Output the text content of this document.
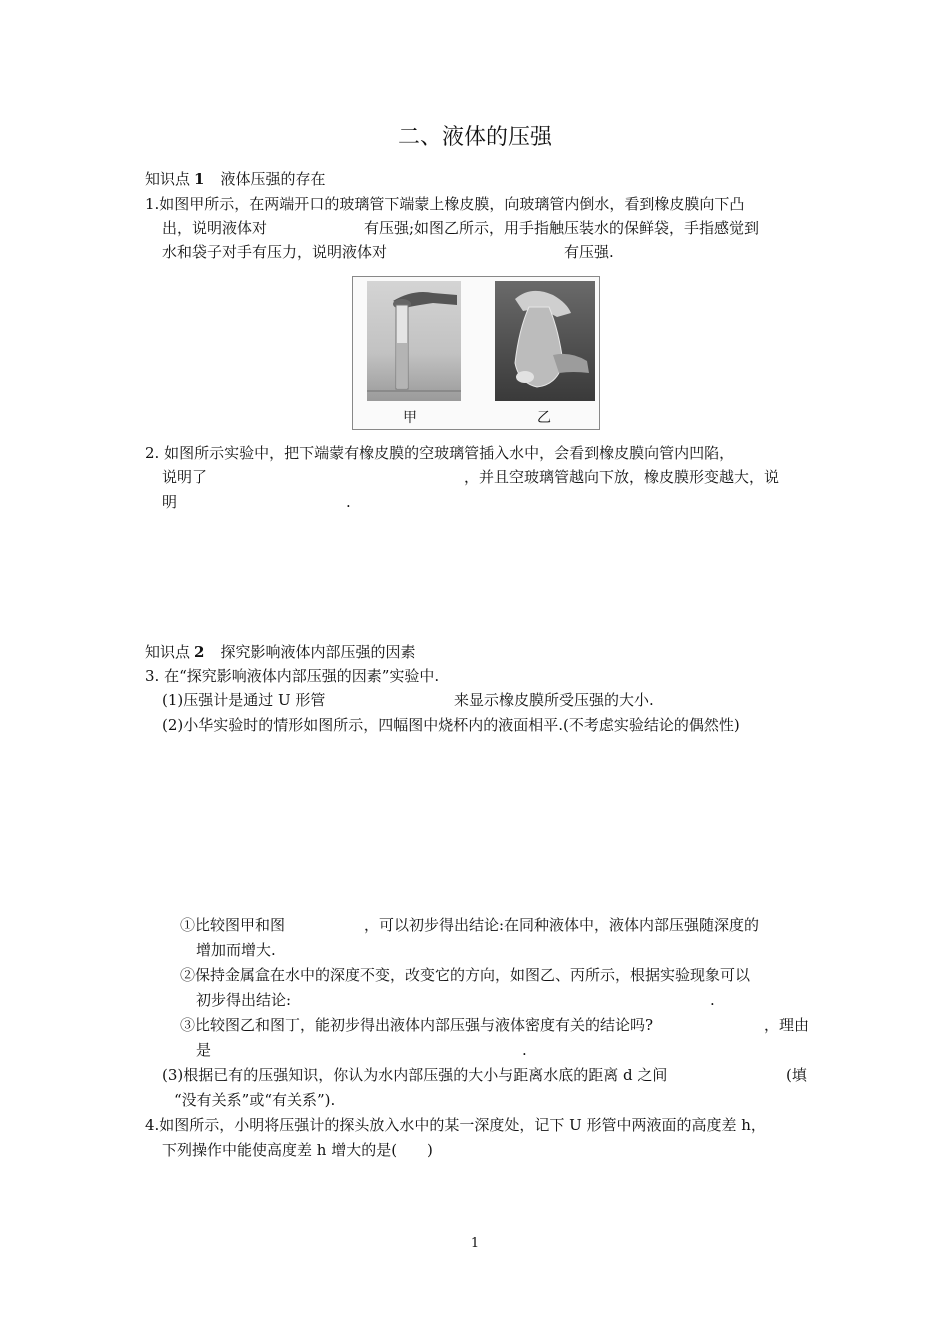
二、液体的压强
知识点 1 液体压强的存在
1.如图甲所示，在两端开口的玻璃管下端蒙上橡皮膜，向玻璃管内倒水，看到橡皮膜向下凸
出，说明液体对	有压强;如图乙所示，用手指触压装水的保鲜袋，手指感觉到
水和袋子对手有压力，说明液体对	有压强.
甲	乙
2. 如图所示实验中，把下端蒙有橡皮膜的空玻璃管插入水中，会看到橡皮膜向管内凹陷，
说明了	，并且空玻璃管越向下放，橡皮膜形变越大，说
明	.
知识点 2 探究影响液体内部压强的因素
3. 在“探究影响液体内部压强的因素”实验中.
(1)压强计是通过 U 形管	来显示橡皮膜所受压强的大小.
(2)小华实验时的情形如图所示，四幅图中烧杯内的液面相平.(不考虑实验结论的偶然性)
①比较图甲和图	，可以初步得出结论:在同种液体中，液体内部压强随深度的
增加而增大.
②保持金属盒在水中的深度不变，改变它的方向，如图乙、丙所示，根据实验现象可以
初步得出结论:	.
③比较图乙和图丁，能初步得出液体内部压强与液体密度有关的结论吗?	，理由
是	.
(3)根据已有的压强知识，你认为水内部压强的大小与距离水底的距离 d 之间	(填
“没有关系”或“有关系”).
4.如图所示，小明将压强计的探头放入水中的某一深度处，记下 U 形管中两液面的高度差 h，
下列操作中能使高度差 h 增大的是(　　)
1
